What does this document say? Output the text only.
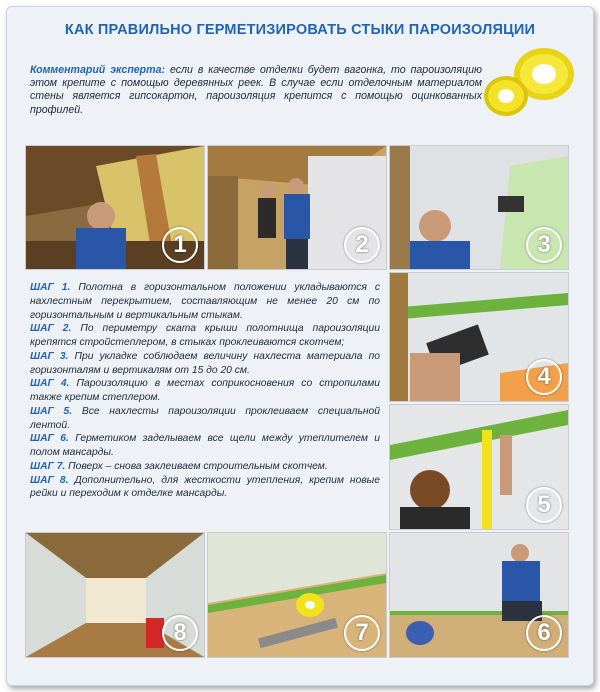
КАК ПРАВИЛЬНО ГЕРМЕТИЗИРОВАТЬ СТЫКИ ПАРОИЗОЛЯЦИИ
Комментарий эксперта: если в качестве отделки будет вагонка, то пароизоляцию этом крепите с помощью деревянных реек. В случае если отделочным материалом стены является гипсокартон, пароизоляция крепится с помощью оцинкованных профилей.
1	2	3
4
5
6
7
8

ШАГ 1. Полотна в горизонтальном положении укладываются с нахлестным перекрытием, составляющим не менее 20 см по горизонтальным и вертикальным стыкам.

ШАГ 2. По периметру ската крыши полотнища пароизоляции крепятся стройстеплером, в стыках проклеиваются скотчем;

ШАГ 3. При укладке соблюдаем величину нахлеста материала по горизонталям и вертикалям от 15 до 20 см.

ШАГ 4. Пароизоляцию в местах соприкосновения со стропилами также крепим степлером.

ШАГ 5. Все нахлесты пароизоляции проклеиваем специальной лентой.

ШАГ 6. Герметиком заделываем все щели между утеплителем и полом мансарды.

ШАГ 7. Поверх – снова заклеиваем строительным скотчем.

ШАГ 8. Дополнительно, для жесткости утепления, крепим новые рейки и переходим к отделке мансарды.
